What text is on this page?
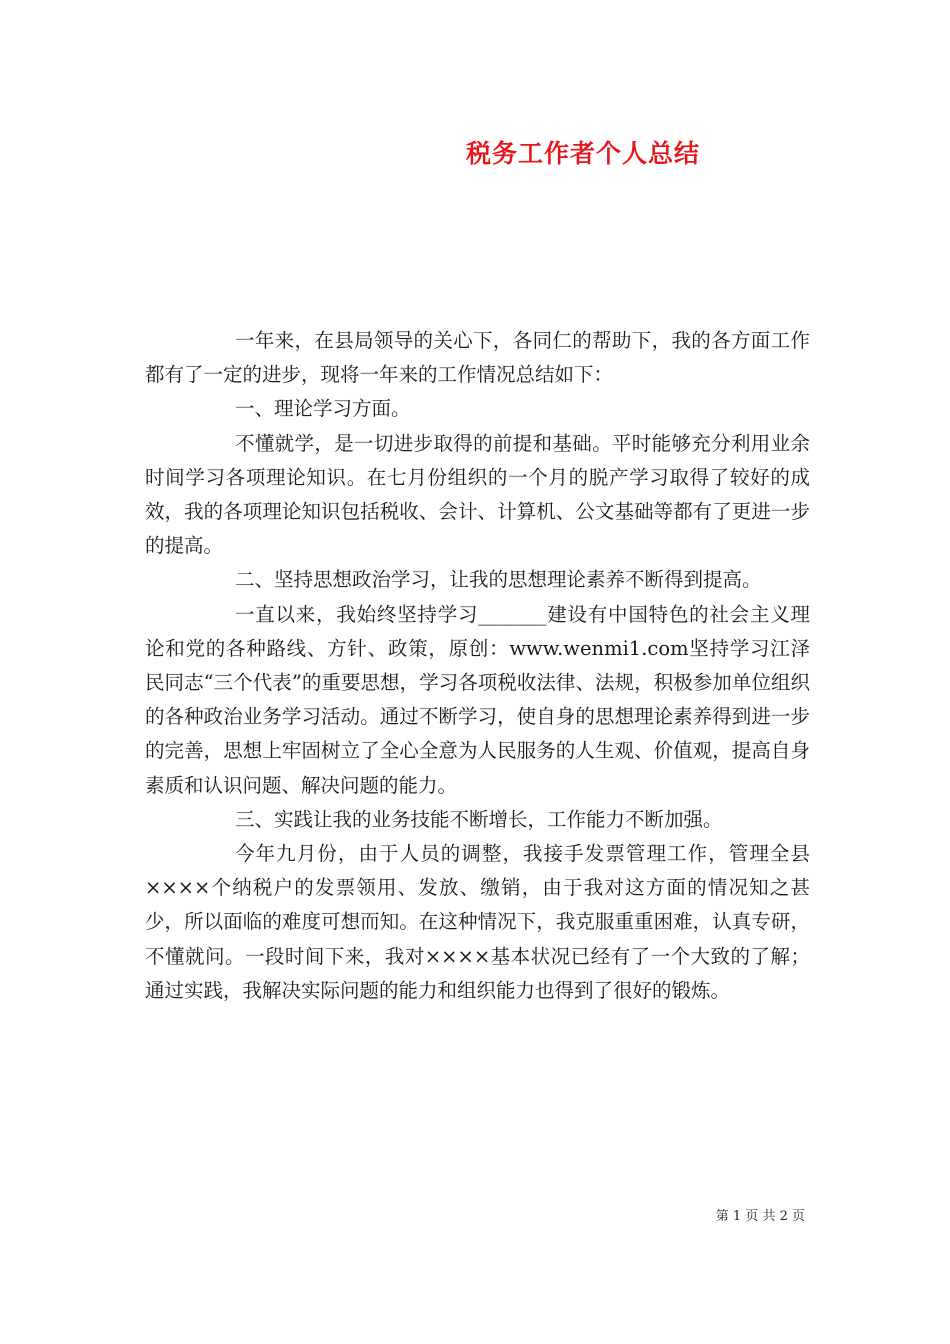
税务工作者个人总结

一年来，在县局领导的关心下，各同仁的帮助下，我的各方面工作都有了一定的进步，现将一年来的工作情况总结如下：

一、理论学习方面。

不懂就学，是一切进步取得的前提和基础。平时能够充分利用业余时间学习各项理论知识。在七月份组织的一个月的脱产学习取得了较好的成效，我的各项理论知识包括税收、会计、计算机、公文基础等都有了更进一步的提高。

二、坚持思想政治学习，让我的思想理论素养不断得到提高。

一直以来，我始终坚持学习_______建设有中国特色的社会主义理论和党的各种路线、方针、政策，原创：www.wenmi1.com坚持学习江泽民同志“三个代表”的重要思想，学习各项税收法律、法规，积极参加单位组织的各种政治业务学习活动。通过不断学习，使自身的思想理论素养得到进一步的完善，思想上牢固树立了全心全意为人民服务的人生观、价值观，提高自身素质和认识问题、解决问题的能力。

三、实践让我的业务技能不断增长，工作能力不断加强。

今年九月份，由于人员的调整，我接手发票管理工作，管理全县××××个纳税户的发票领用、发放、缴销，由于我对这方面的情况知之甚少，所以面临的难度可想而知。在这种情况下，我克服重重困难，认真专研，不懂就问。一段时间下来，我对××××基本状况已经有了一个大致的了解；通过实践，我解决实际问题的能力和组织能力也得到了很好的锻炼。

第 1 页 共 2 页
